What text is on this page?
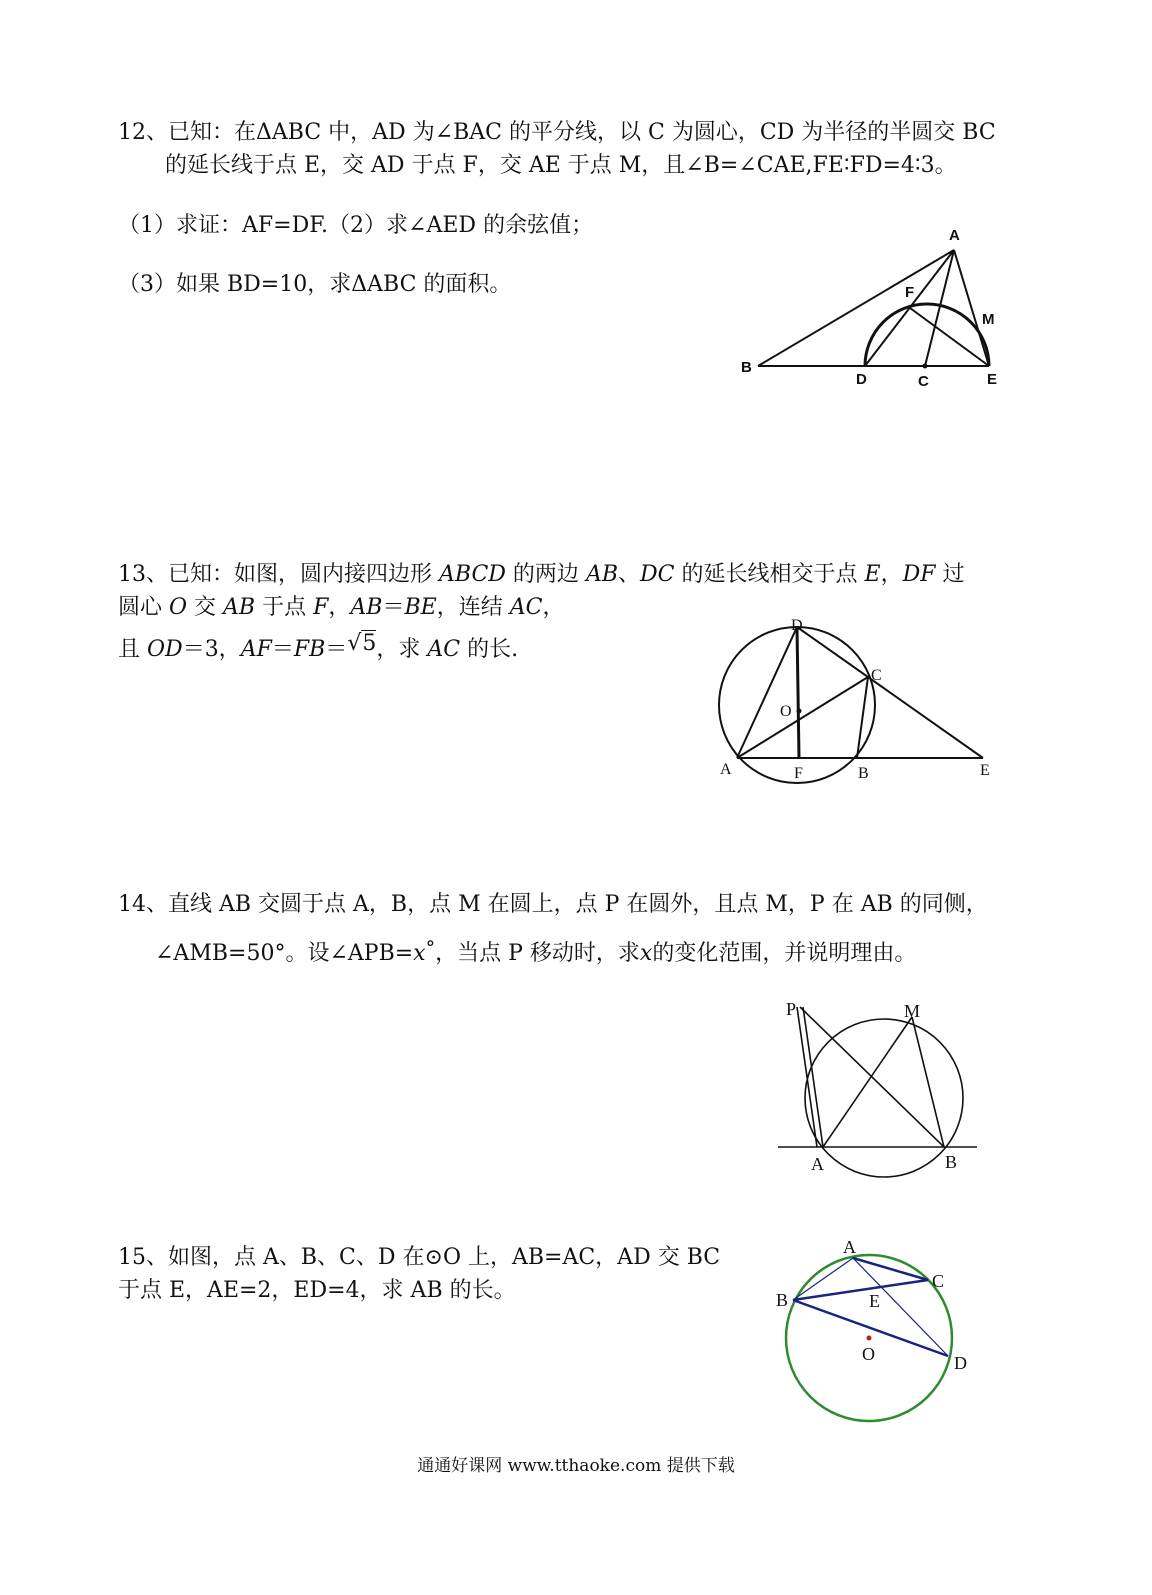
12、已知：在ΔABC 中，AD 为∠BAC 的平分线，以 C 为圆心，CD 为半径的半圆交 BC
的延长线于点 E，交 AD 于点 F，交 AE 于点 M，且∠B=∠CAE,FE∶FD=4∶3。
（1）求证：AF=DF.（2）求∠AED 的余弦值；
（3）如果 BD=10，求ΔABC 的面积。
A
B
C
D	E
F
M
13、已知：如图，圆内接四边形 ABCD 的两边 AB、DC 的延长线相交于点 E，DF 过
圆心 O 交 AB 于点 F，AB＝BE，连结 AC，
且 OD＝3，AF＝FB＝√5，求 AC 的长.
D
C
O
A	F	B	E
14、直线 AB 交圆于点 A，B，点 M 在圆上，点 P 在圆外，且点 M，P 在 AB 的同侧，
∠AMB=50°。设∠APB=x°，当点 P 移动时，求x的变化范围，并说明理由。
P	M
A	B
15、如图，点 A、B、C、D 在⊙O 上，AB=AC，AD 交 BC
于点 E，AE=2，ED=4，求 AB 的长。
A
C
B	E
O	D
通通好课网 www.tthaoke.com 提供下载
